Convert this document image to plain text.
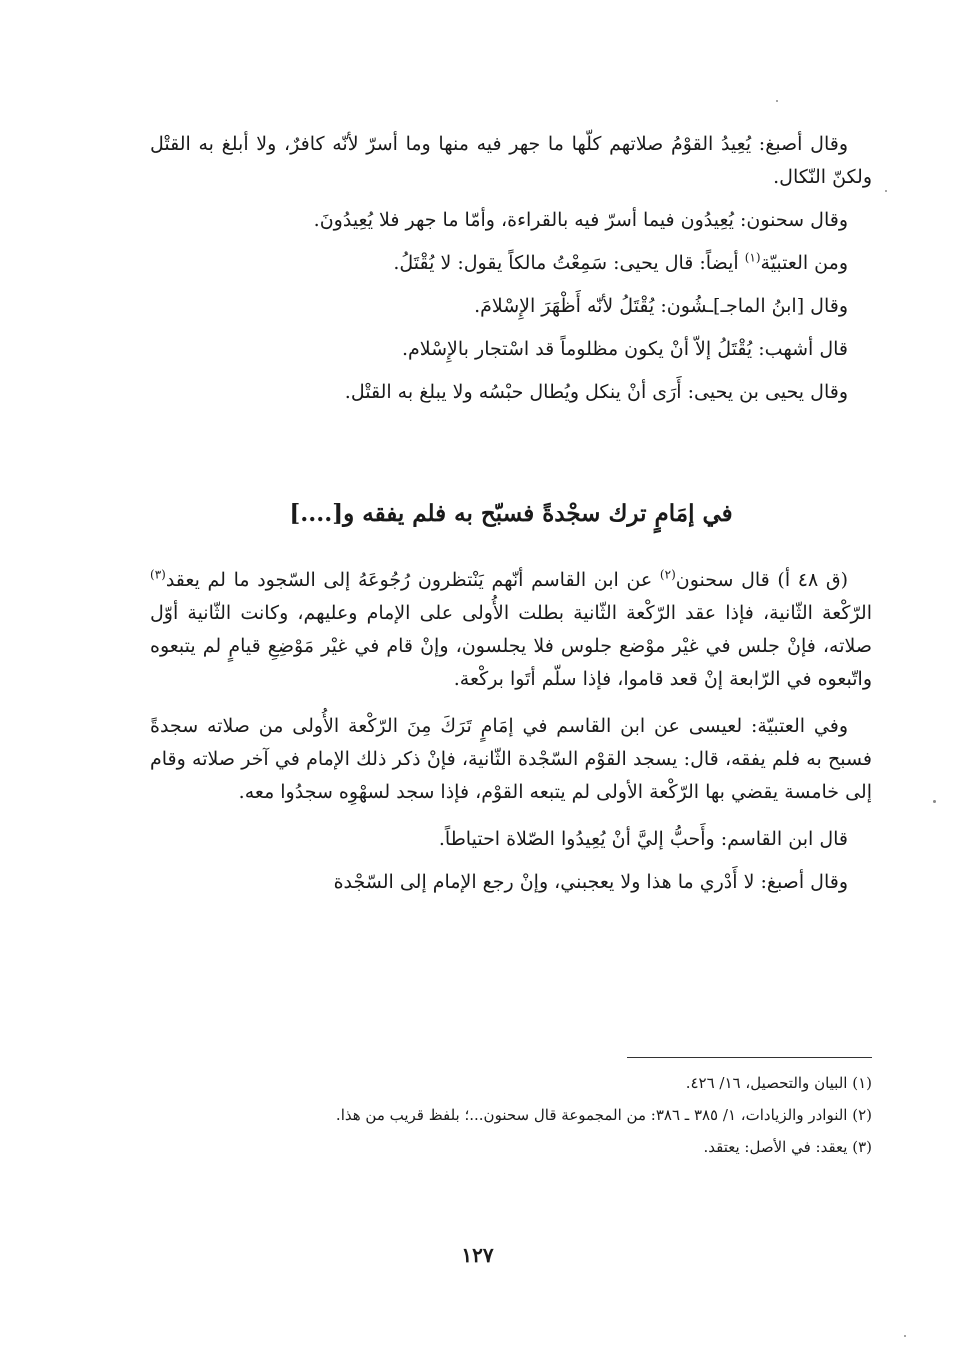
وقال أصبغ: يُعِيدُ القوْمُ صلاتهم كلّها ما جهر فيه منها وما أسرّ لأنّه كافرٌ، ولا أبلغ به القتْل ولكنّ النّكال.

وقال سحنون: يُعِيدُون فيما أسرّ فيه بالقراءة، وأمّا ما جهر فلا يُعِيدُونَ.

ومن العتبيّة$^{(١)}$ أيضاً: قال يحيى: سَمِعْتُ مالكاً يقول: لا يُقْتَلُ.

وقال [ابنُ الماجـ]ـشُون: يُقْتَلُ لأنّه أَظْهَرَ الإِسْلامَ.

قال أشهب: يُقْتَلُ إلاّ أنْ يكون مظلوماً قد اسْتجار بالإِسْلام.

وقال يحيى بن يحيى: أَرَى أنْ ينكل ويُطال حبْسُه ولا يبلغ به القتْل.

في إمَامٍ ترك سجْدةً فسبّح به فلم يفقه و[....]

(ق ٤٨ أ) قال سحنون$^{(٢)}$ عن ابن القاسم أنّهم يَنْتظرون رُجُوعَهُ إلى السّجود ما لم يعقد$^{(٣)}$ الرّكْعة الثّانية، فإذا عقد الرّكْعة الثّانية بطلت الأُولى على الإمام وعليهم، وكانت الثّانية أوّل صلاته، فإنْ جلس في غيْر موْضع جلوس فلا يجلسون، وإنْ قام في غيْر مَوْضِعِ قيامٍ لم يتبعوه واتّبعوه في الرّابعة إنْ قعد قاموا، فإذا سلّم أتَوا بركْعة.

وفي العتبيّة: لعيسى عن ابن القاسم في إمَامٍ تَرَكَ مِنَ الرّكْعة الأُولى من صلاته سجدةً فسبح به فلم يفقه، قال: يسجد القوْم السّجْدة الثّانية، فإنْ ذكر ذلك الإمام في آخر صلاته وقام إلى خامسة يقضي بها الرّكْعة الأولى لم يتبعه القوْم، فإذا سجد لسهْوِه سجدُوا معه.

قال ابن القاسم: وأَحبُّ إليَّ أنْ يُعِيدُوا الصّلاة احتياطاً.

وقال أصبغ: لا أَدْري ما هذا ولا يعجبني، وإنْ رجع الإمام إلى السّجْدة

(١) البيان والتحصيل، ١٦/ ٤٢٦.

(٢) النوادر والزيادات، ١/ ٣٨٥ ـ ٣٨٦: من المجموعة قال سحنون...؛ بلفظ قريب من هذا.

(٣) يعقد: في الأصل: يعتقد.

١٢٧
